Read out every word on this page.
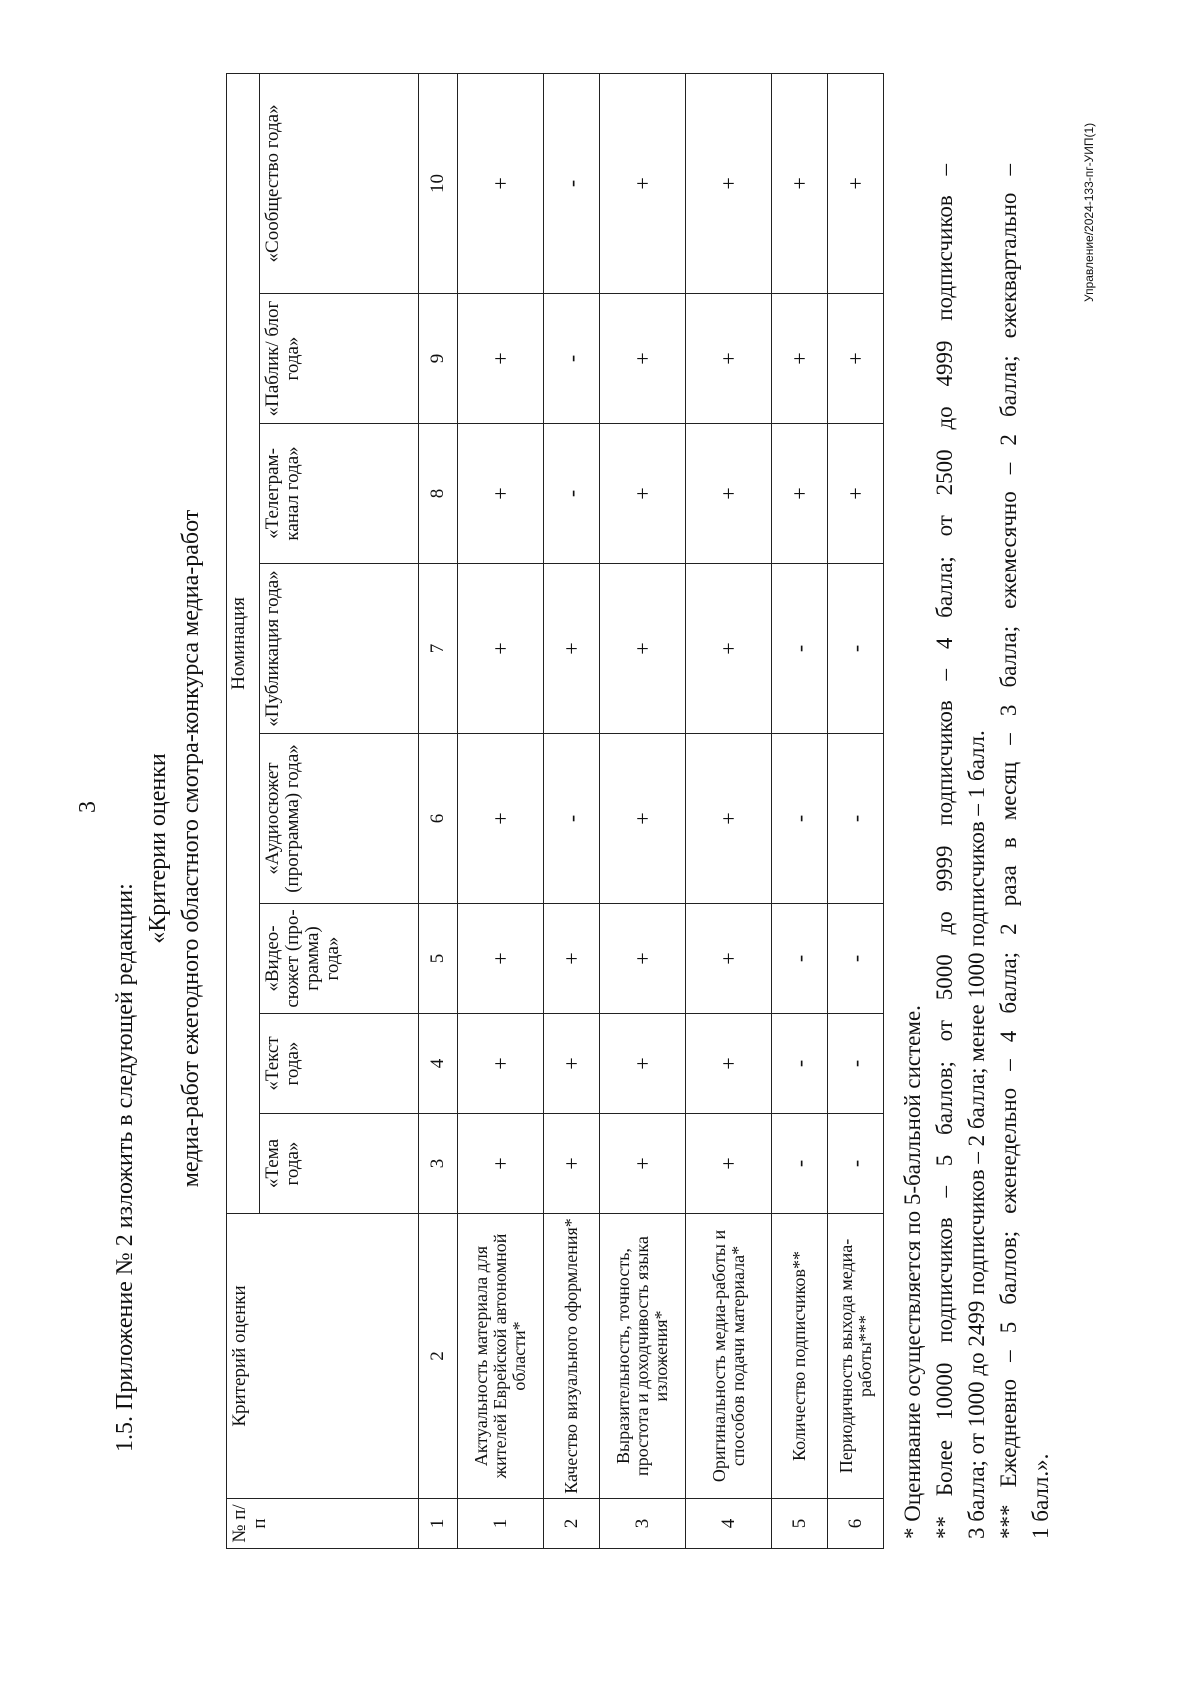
3
1.5. Приложение № 2 изложить в следующей редакции:
«Критерии оценки медиа-работ ежегодного областного смотра-конкурса медиа-работ
№ п/п	Критерий оценки	Номинация							
		«Тема года»	«Текст года»	«Видео-сюжет (про-грамма) года»	«Аудиосюжет (программа) года»	«Публикация года»	«Телеграм-канал года»	«Паблик/ блог года»	«Сообщество года»
1	2	3	4	5	6	7	8	9	10
1	Актуальность материала для жителей Еврейской автономной области*	+	+	+	+	+	+	+	+
2	Качество визуального оформления*	+	+	+	-	+	-	-	-
3	Выразительность, точность, простота и доходчивость языка изложения*	+	+	+	+	+	+	+	+
4	Оригинальность медиа-работы и способов подачи материала*	+	+	+	+	+	+	+	+
5	Количество подписчиков**	-	-	-	-	-	+	+	+
6	Периодичность выхода медиа-работы***	-	-	-	-	-	+	+	+
* Оценивание осуществляется по 5-балльной системе. ** Более 10000 подписчиков – 5 баллов; от 5000 до 9999 подписчиков – 4 балла; от 2500 до 4999 подписчиков – 3 балла; от 1000 до 2499 подписчиков – 2 балла; менее 1000 подписчиков – 1 балл. *** Ежедневно – 5 баллов; еженедельно – 4 балла; 2 раза в месяц – 3 балла; ежемесячно – 2 балла; ежеквартально – 1 балл.».
Управление/2024-133-пг-УИП(1)
